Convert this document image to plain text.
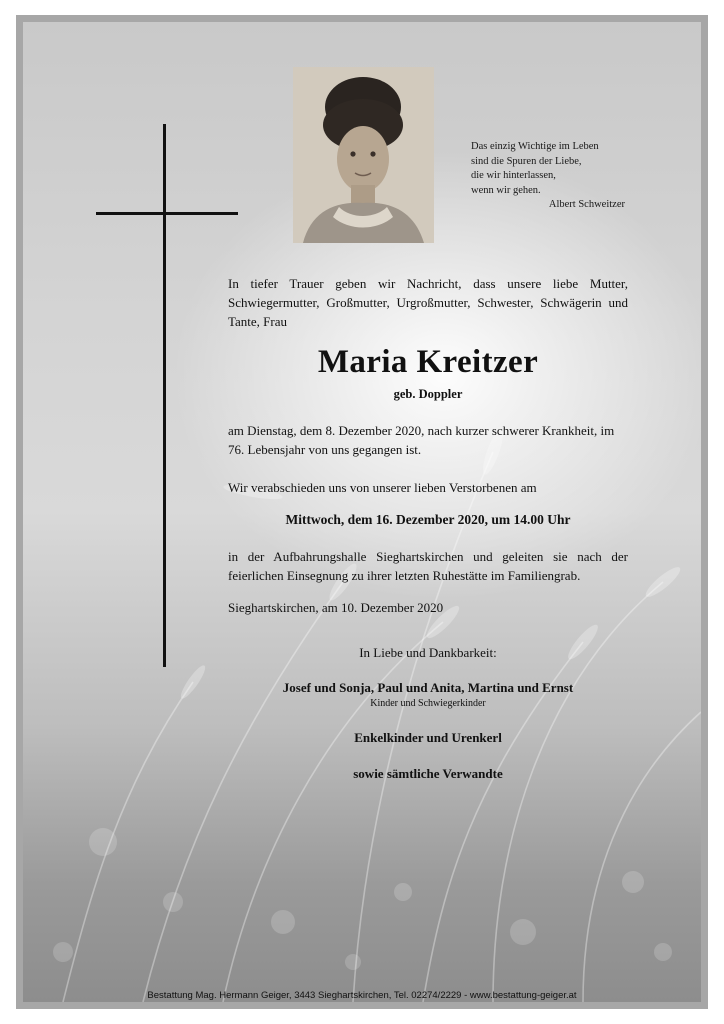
Das einzig Wichtige im Leben
sind die Spuren der Liebe,
die wir hinterlassen,
wenn wir gehen.
Albert Schweitzer
In tiefer Trauer geben wir Nachricht, dass unsere liebe Mutter, Schwiegermutter, Großmutter, Urgroßmutter, Schwester, Schwägerin und Tante, Frau
Maria Kreitzer
geb. Doppler
am Dienstag, dem 8. Dezember 2020, nach kurzer schwerer Krankheit, im 76. Lebensjahr von uns gegangen ist.
Wir verabschieden uns von unserer lieben Verstorbenen am
Mittwoch, dem 16. Dezember 2020, um 14.00 Uhr
in der Aufbahrungshalle Sieghartskirchen und geleiten sie nach der feierlichen Einsegnung zu ihrer letzten Ruhestätte im Familiengrab.
Sieghartskirchen, am 10. Dezember 2020
In Liebe und Dankbarkeit:
Josef und Sonja, Paul und Anita, Martina und Ernst
Kinder und Schwiegerkinder
Enkelkinder und Urenkerl
sowie sämtliche Verwandte
Bestattung Mag. Hermann Geiger, 3443 Sieghartskirchen, Tel. 02274/2229 - www.bestattung-geiger.at
